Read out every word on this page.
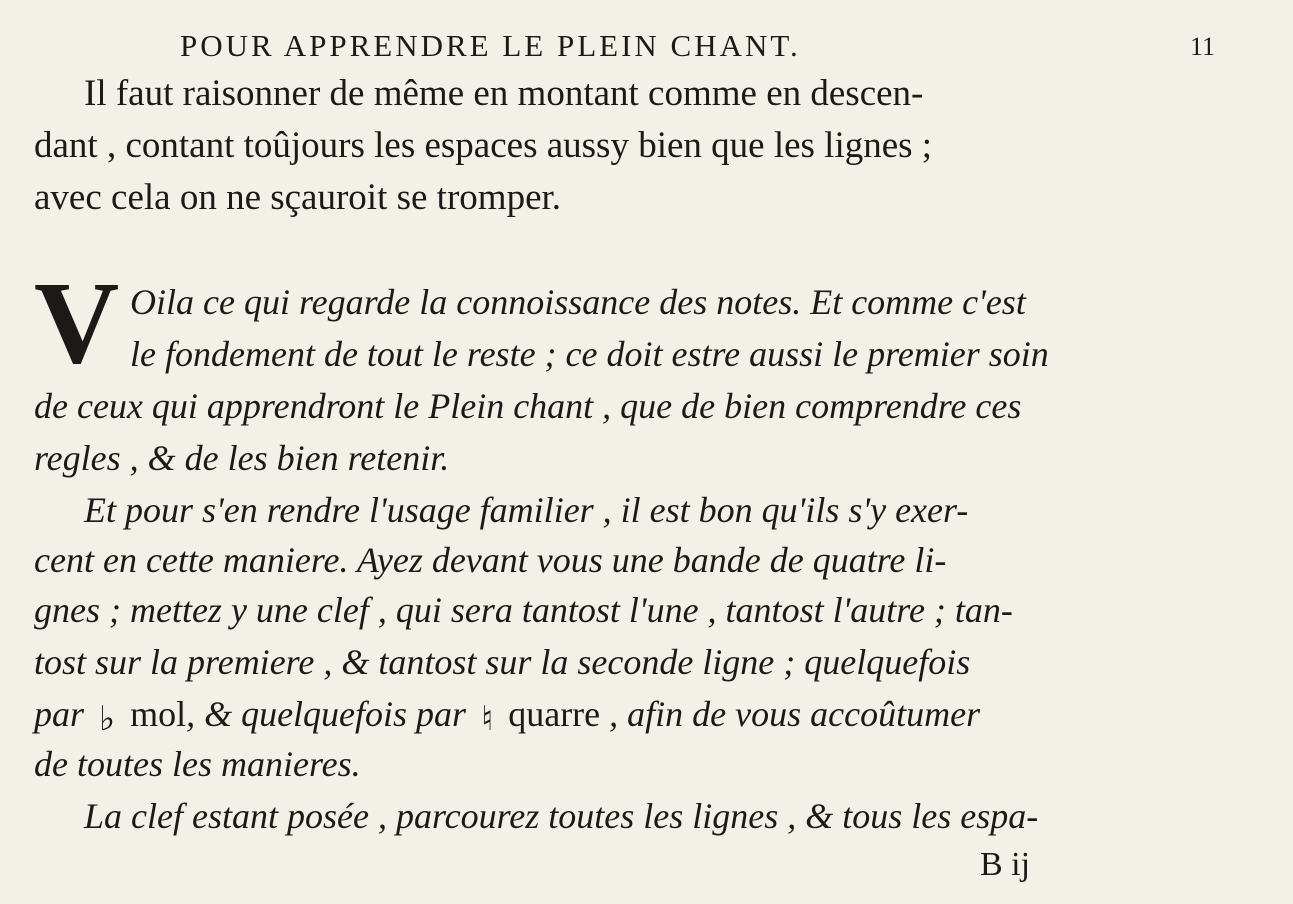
POUR APPRENDRE LE PLEIN CHANT.	11
Il faut raisonner de même en montant comme en descen-
dant , contant toûjours les espaces aussy bien que les lignes ;
avec cela on ne sçauroit se tromper.
V Oila ce qui regarde la connoissance des notes. Et comme c'est
le fondement de tout le reste ; ce doit estre aussi le premier soin
de ceux qui apprendront le Plein chant , que de bien comprendre ces
regles , & de les bien retenir.
Et pour s'en rendre l'usage familier , il est bon qu'ils s'y exer-
cent en cette maniere. Ayez devant vous une bande de quatre li-
gnes ; mettez y une clef , qui sera tantost l'une , tantost l'autre ; tan-
tost sur la premiere , & tantost sur la seconde ligne ; quelquefois
par ♭ mol, & quelquefois par ♮ quarre , afin de vous accoûtumer
de toutes les manieres.
La clef estant posée , parcourez toutes les lignes , & tous les espa-
B ij
